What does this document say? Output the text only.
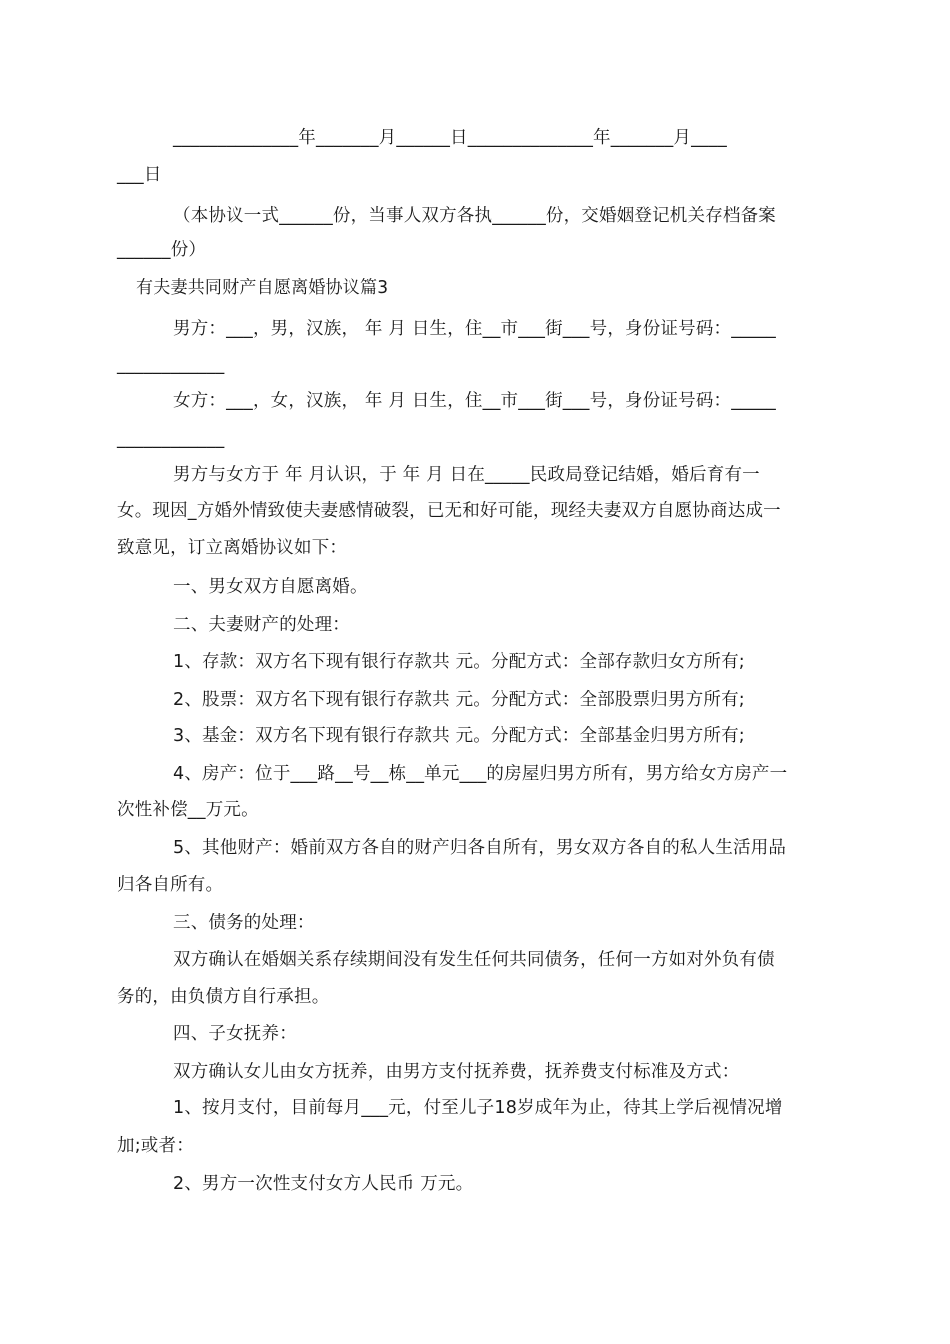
______________年_______月______日______________年_______月____
___日
（本协议一式______份，当事人双方各执______份，交婚姻登记机关存档备案
______份）
有夫妻共同财产自愿离婚协议篇3
男方：___，男，汉族， 年 月 日生，住__市___街___号，身份证号码：_____
____________
女方：___，女，汉族， 年 月 日生，住__市___街___号，身份证号码：_____
____________
男方与女方于 年 月认识，于 年 月 日在_____民政局登记结婚，婚后育有一
女。现因_方婚外情致使夫妻感情破裂，已无和好可能，现经夫妻双方自愿协商达成一
致意见，订立离婚协议如下：
一、男女双方自愿离婚。
二、夫妻财产的处理：
1、存款：双方名下现有银行存款共 元。分配方式：全部存款归女方所有;
2、股票：双方名下现有银行存款共 元。分配方式：全部股票归男方所有;
3、基金：双方名下现有银行存款共 元。分配方式：全部基金归男方所有;
4、房产：位于___路__号__栋__单元___的房屋归男方所有，男方给女方房产一
次性补偿__万元。
5、其他财产：婚前双方各自的财产归各自所有，男女双方各自的私人生活用品
归各自所有。
三、债务的处理：
双方确认在婚姻关系存续期间没有发生任何共同债务，任何一方如对外负有债
务的，由负债方自行承担。
四、子女抚养：
双方确认女儿由女方抚养，由男方支付抚养费，抚养费支付标准及方式：
1、按月支付，目前每月___元，付至儿子18岁成年为止，待其上学后视情况增
加;或者：
2、男方一次性支付女方人民币 万元。
